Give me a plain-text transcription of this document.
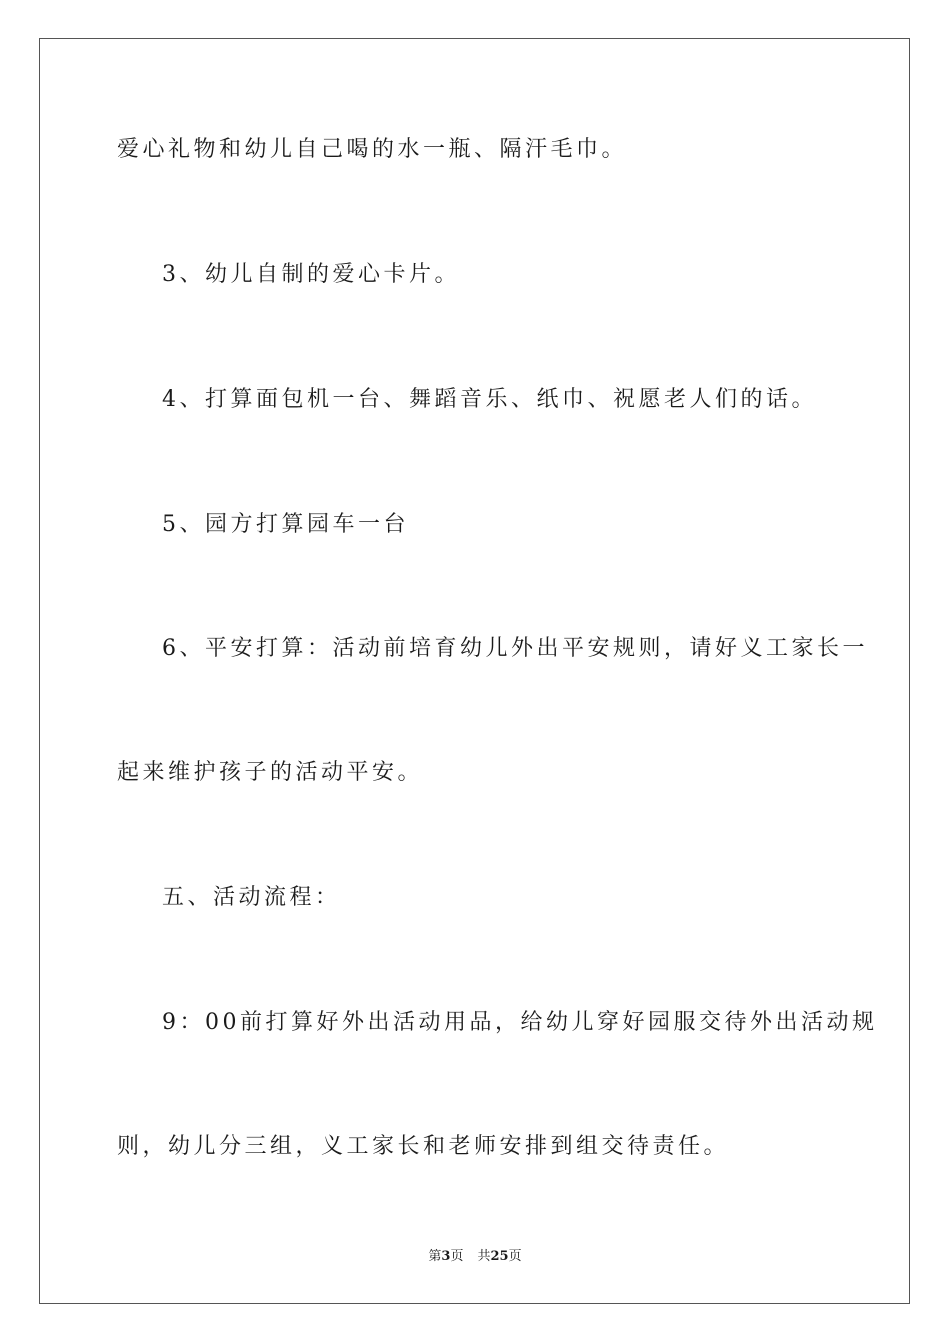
爱心礼物和幼儿自己喝的水一瓶、隔汗毛巾。
3、幼儿自制的爱心卡片。
4、打算面包机一台、舞蹈音乐、纸巾、祝愿老人们的话。
5、园方打算园车一台
6、平安打算：活动前培育幼儿外出平安规则，请好义工家长一
起来维护孩子的活动平安。
五、活动流程：
9：00前打算好外出活动用品，给幼儿穿好园服交待外出活动规
则，幼儿分三组，义工家长和老师安排到组交待责任。
第3页 共25页
